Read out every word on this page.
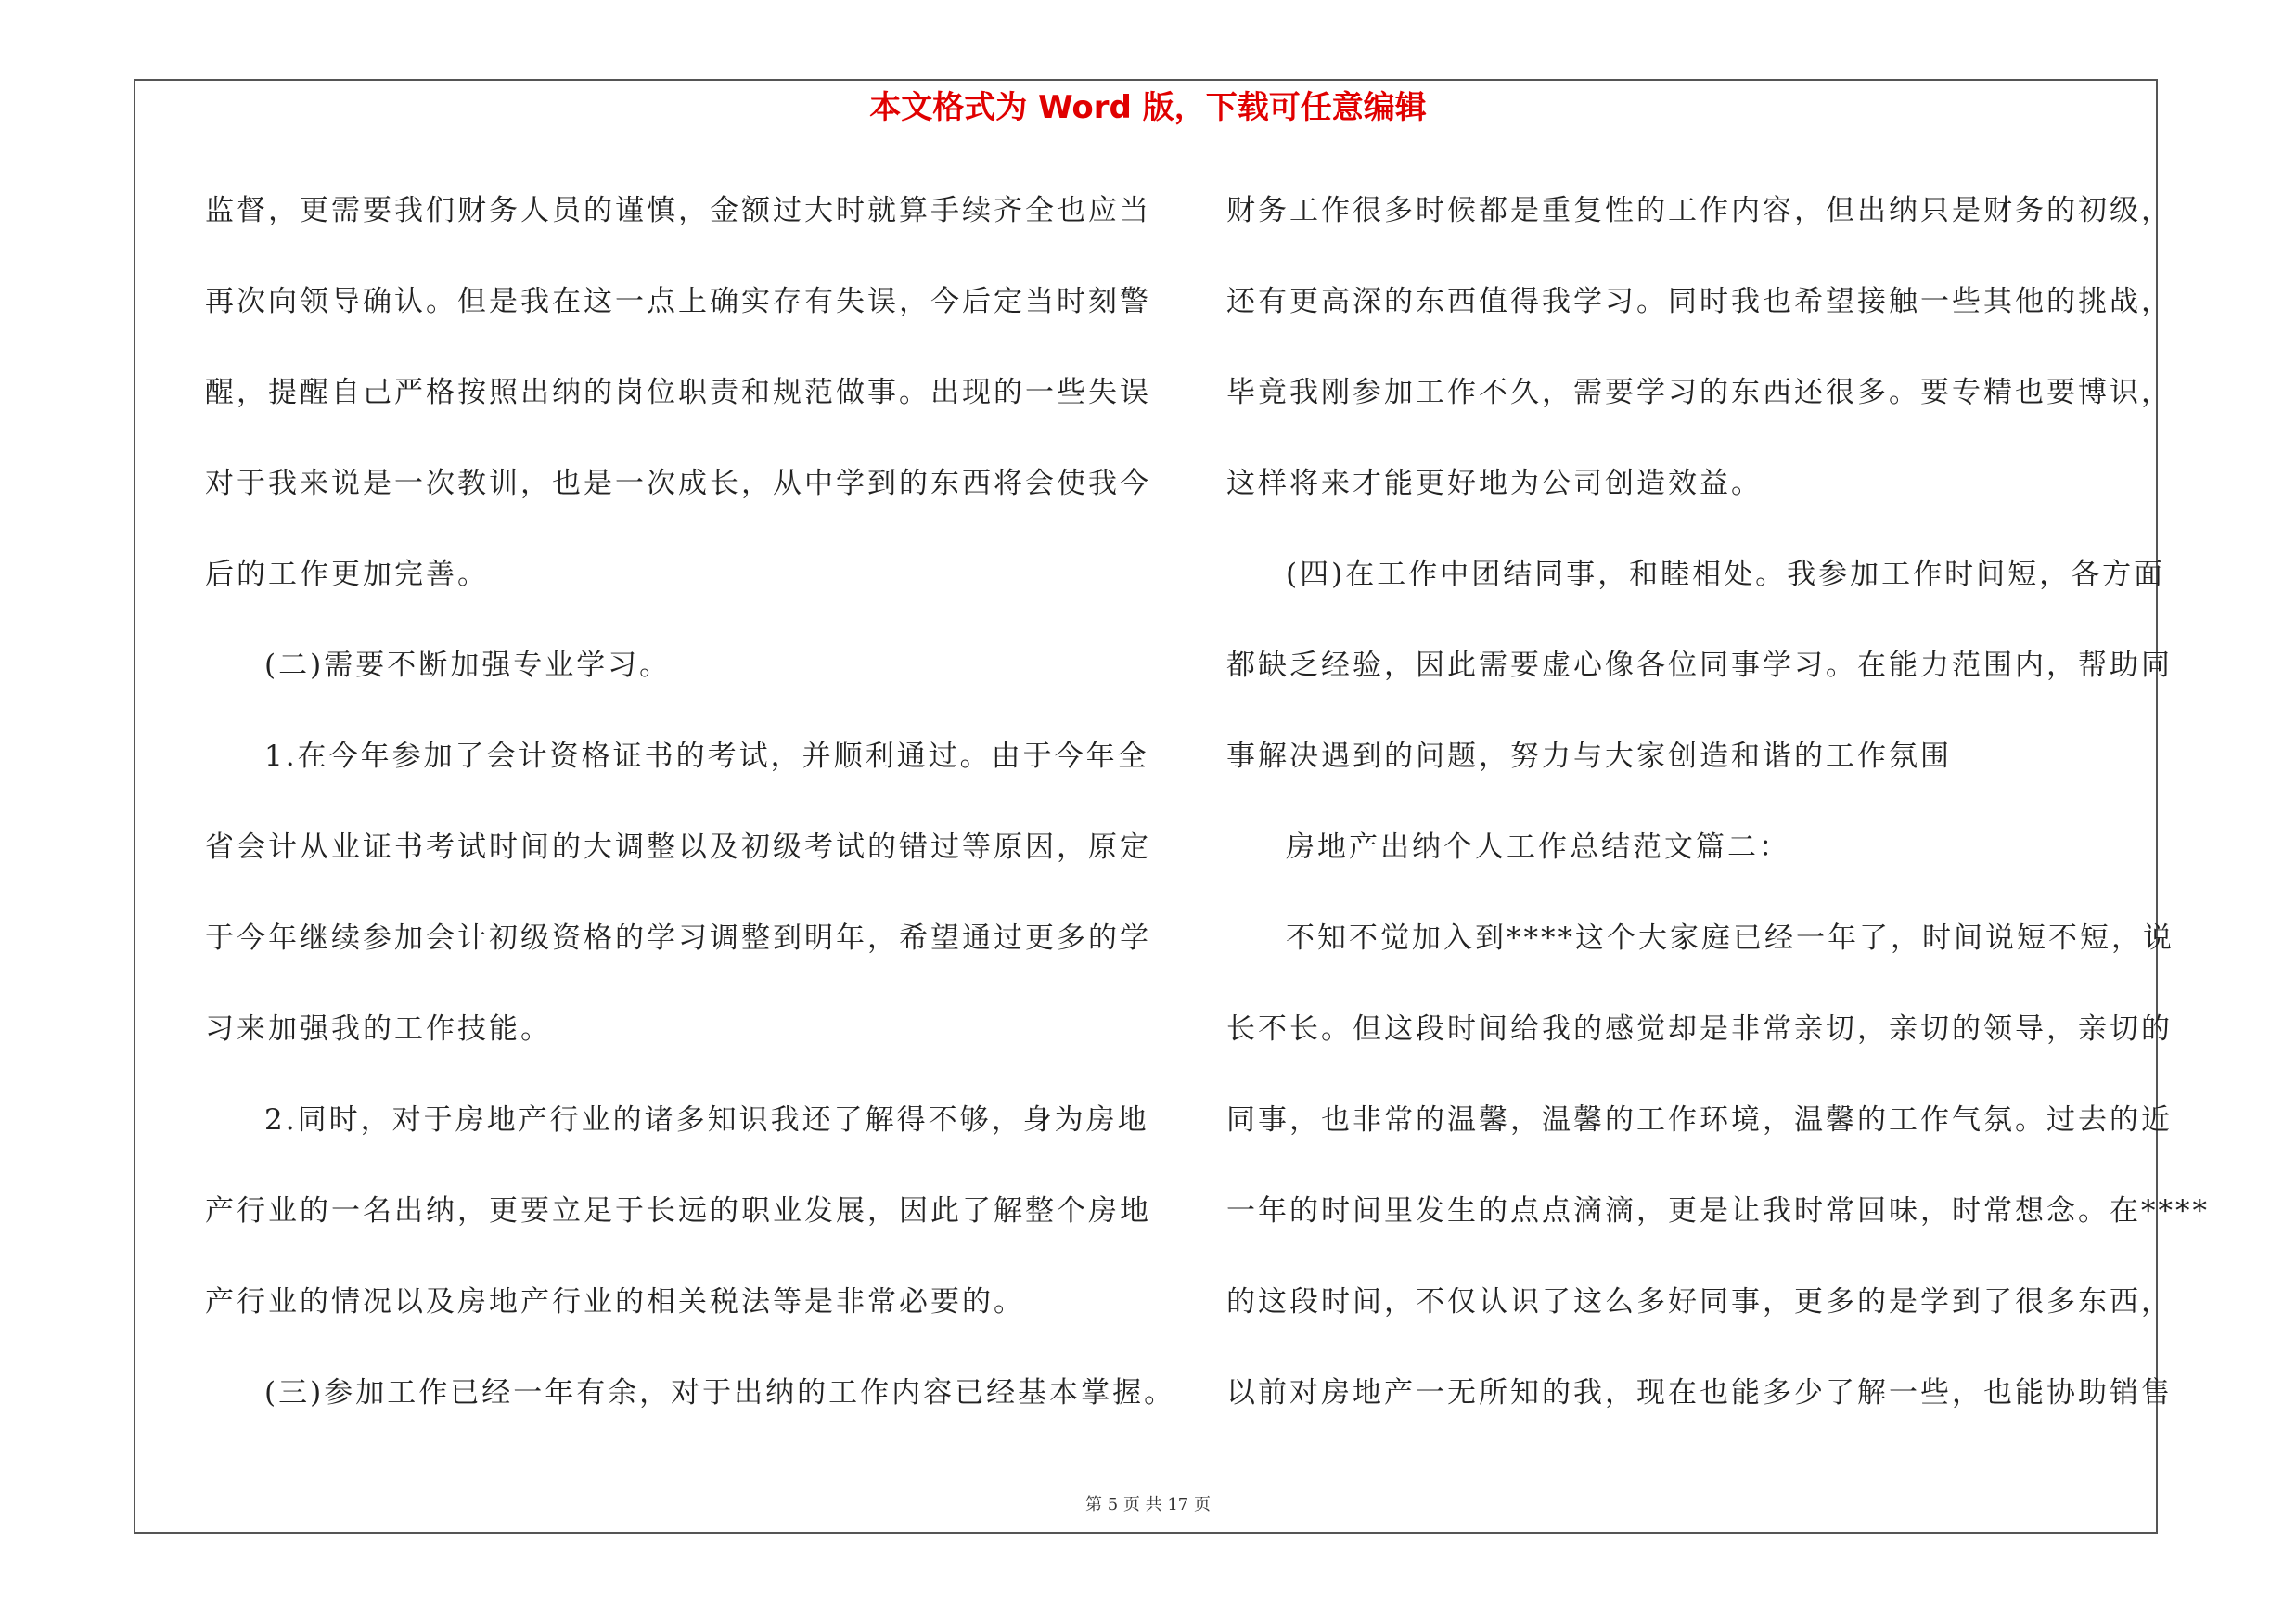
本文格式为 Word 版，下载可任意编辑
监督，更需要我们财务人员的谨慎，金额过大时就算手续齐全也应当
再次向领导确认。但是我在这一点上确实存有失误，今后定当时刻警
醒，提醒自己严格按照出纳的岗位职责和规范做事。出现的一些失误
对于我来说是一次教训，也是一次成长，从中学到的东西将会使我今
后的工作更加完善。
(二)需要不断加强专业学习。
1.在今年参加了会计资格证书的考试，并顺利通过。由于今年全
省会计从业证书考试时间的大调整以及初级考试的错过等原因，原定
于今年继续参加会计初级资格的学习调整到明年，希望通过更多的学
习来加强我的工作技能。
2.同时，对于房地产行业的诸多知识我还了解得不够，身为房地
产行业的一名出纳，更要立足于长远的职业发展，因此了解整个房地
产行业的情况以及房地产行业的相关税法等是非常必要的。
(三)参加工作已经一年有余，对于出纳的工作内容已经基本掌握。
财务工作很多时候都是重复性的工作内容，但出纳只是财务的初级，
还有更高深的东西值得我学习。同时我也希望接触一些其他的挑战，
毕竟我刚参加工作不久，需要学习的东西还很多。要专精也要博识，
这样将来才能更好地为公司创造效益。
(四)在工作中团结同事，和睦相处。我参加工作时间短，各方面
都缺乏经验，因此需要虚心像各位同事学习。在能力范围内，帮助同
事解决遇到的问题，努力与大家创造和谐的工作氛围
房地产出纳个人工作总结范文篇二：
不知不觉加入到****这个大家庭已经一年了，时间说短不短，说
长不长。但这段时间给我的感觉却是非常亲切，亲切的领导，亲切的
同事，也非常的温馨，温馨的工作环境，温馨的工作气氛。过去的近
一年的时间里发生的点点滴滴，更是让我时常回味，时常想念。在****
的这段时间，不仅认识了这么多好同事，更多的是学到了很多东西，
以前对房地产一无所知的我，现在也能多少了解一些，也能协助销售
第 5 页 共 17 页
